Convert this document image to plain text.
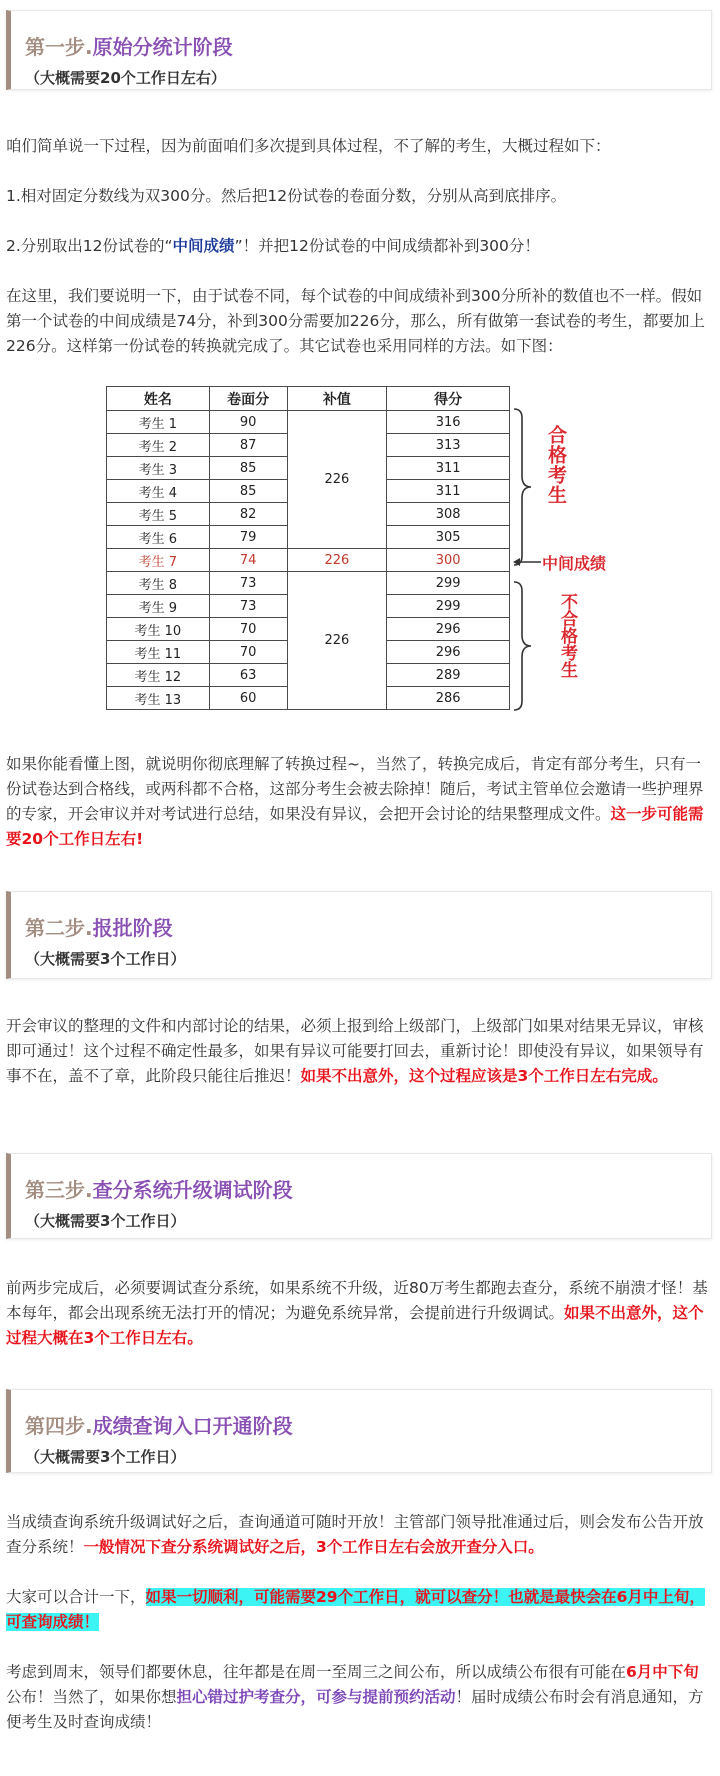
第一步.原始分统计阶段
（大概需要20个工作日左右）
咱们简单说一下过程，因为前面咱们多次提到具体过程，不了解的考生，大概过程如下：
1.相对固定分数线为双300分。然后把12份试卷的卷面分数，分别从高到底排序。
2.分别取出12份试卷的“中间成绩”！并把12份试卷的中间成绩都补到300分！
在这里，我们要说明一下，由于试卷不同，每个试卷的中间成绩补到300分所补的数值也不一样。假如第一个试卷的中间成绩是74分，补到300分需要加226分，那么，所有做第一套试卷的考生，都要加上226分。这样第一份试卷的转换就完成了。其它试卷也采用同样的方法。如下图：
姓名	卷面分	补值	得分
考生 1	90	226	316
考生 2	87		313
考生 3	85		311
考生 4	85		311
考生 5	82		308
考生 6	79		305
考生 7	74	226	300
考生 8	73	226	299
考生 9	73		299
考生 10	70		296
考生 11	70		296
考生 12	63		289
考生 13	60		286
合格考生
中间成绩
不合格考生
如果你能看懂上图，就说明你彻底理解了转换过程~，当然了，转换完成后，肯定有部分考生，只有一份试卷达到合格线，或两科都不合格，这部分考生会被去除掉！随后，考试主管单位会邀请一些护理界的专家，开会审议并对考试进行总结，如果没有异议，会把开会讨论的结果整理成文件。这一步可能需要20个工作日左右!
第二步.报批阶段
（大概需要3个工作日）
开会审议的整理的文件和内部讨论的结果，必须上报到给上级部门，上级部门如果对结果无异议，审核即可通过！这个过程不确定性最多，如果有异议可能要打回去，重新讨论！即使没有异议，如果领导有事不在，盖不了章，此阶段只能往后推迟！如果不出意外，这个过程应该是3个工作日左右完成。
第三步.查分系统升级调试阶段
（大概需要3个工作日）
前两步完成后，必须要调试查分系统，如果系统不升级，近80万考生都跑去查分，系统不崩溃才怪！基本每年，都会出现系统无法打开的情况；为避免系统异常，会提前进行升级调试。如果不出意外，这个过程大概在3个工作日左右。
第四步.成绩查询入口开通阶段
（大概需要3个工作日）
当成绩查询系统升级调试好之后，查询通道可随时开放！主管部门领导批准通过后，则会发布公告开放查分系统！一般情况下查分系统调试好之后，3个工作日左右会放开查分入口。
大家可以合计一下，如果一切顺利，可能需要29个工作日，就可以查分！也就是最快会在6月中上旬，可查询成绩！
考虑到周末，领导们都要休息，往年都是在周一至周三之间公布，所以成绩公布很有可能在6月中下旬公布！当然了，如果你想担心错过护考查分，可参与提前预约活动！届时成绩公布时会有消息通知，方便考生及时查询成绩！
